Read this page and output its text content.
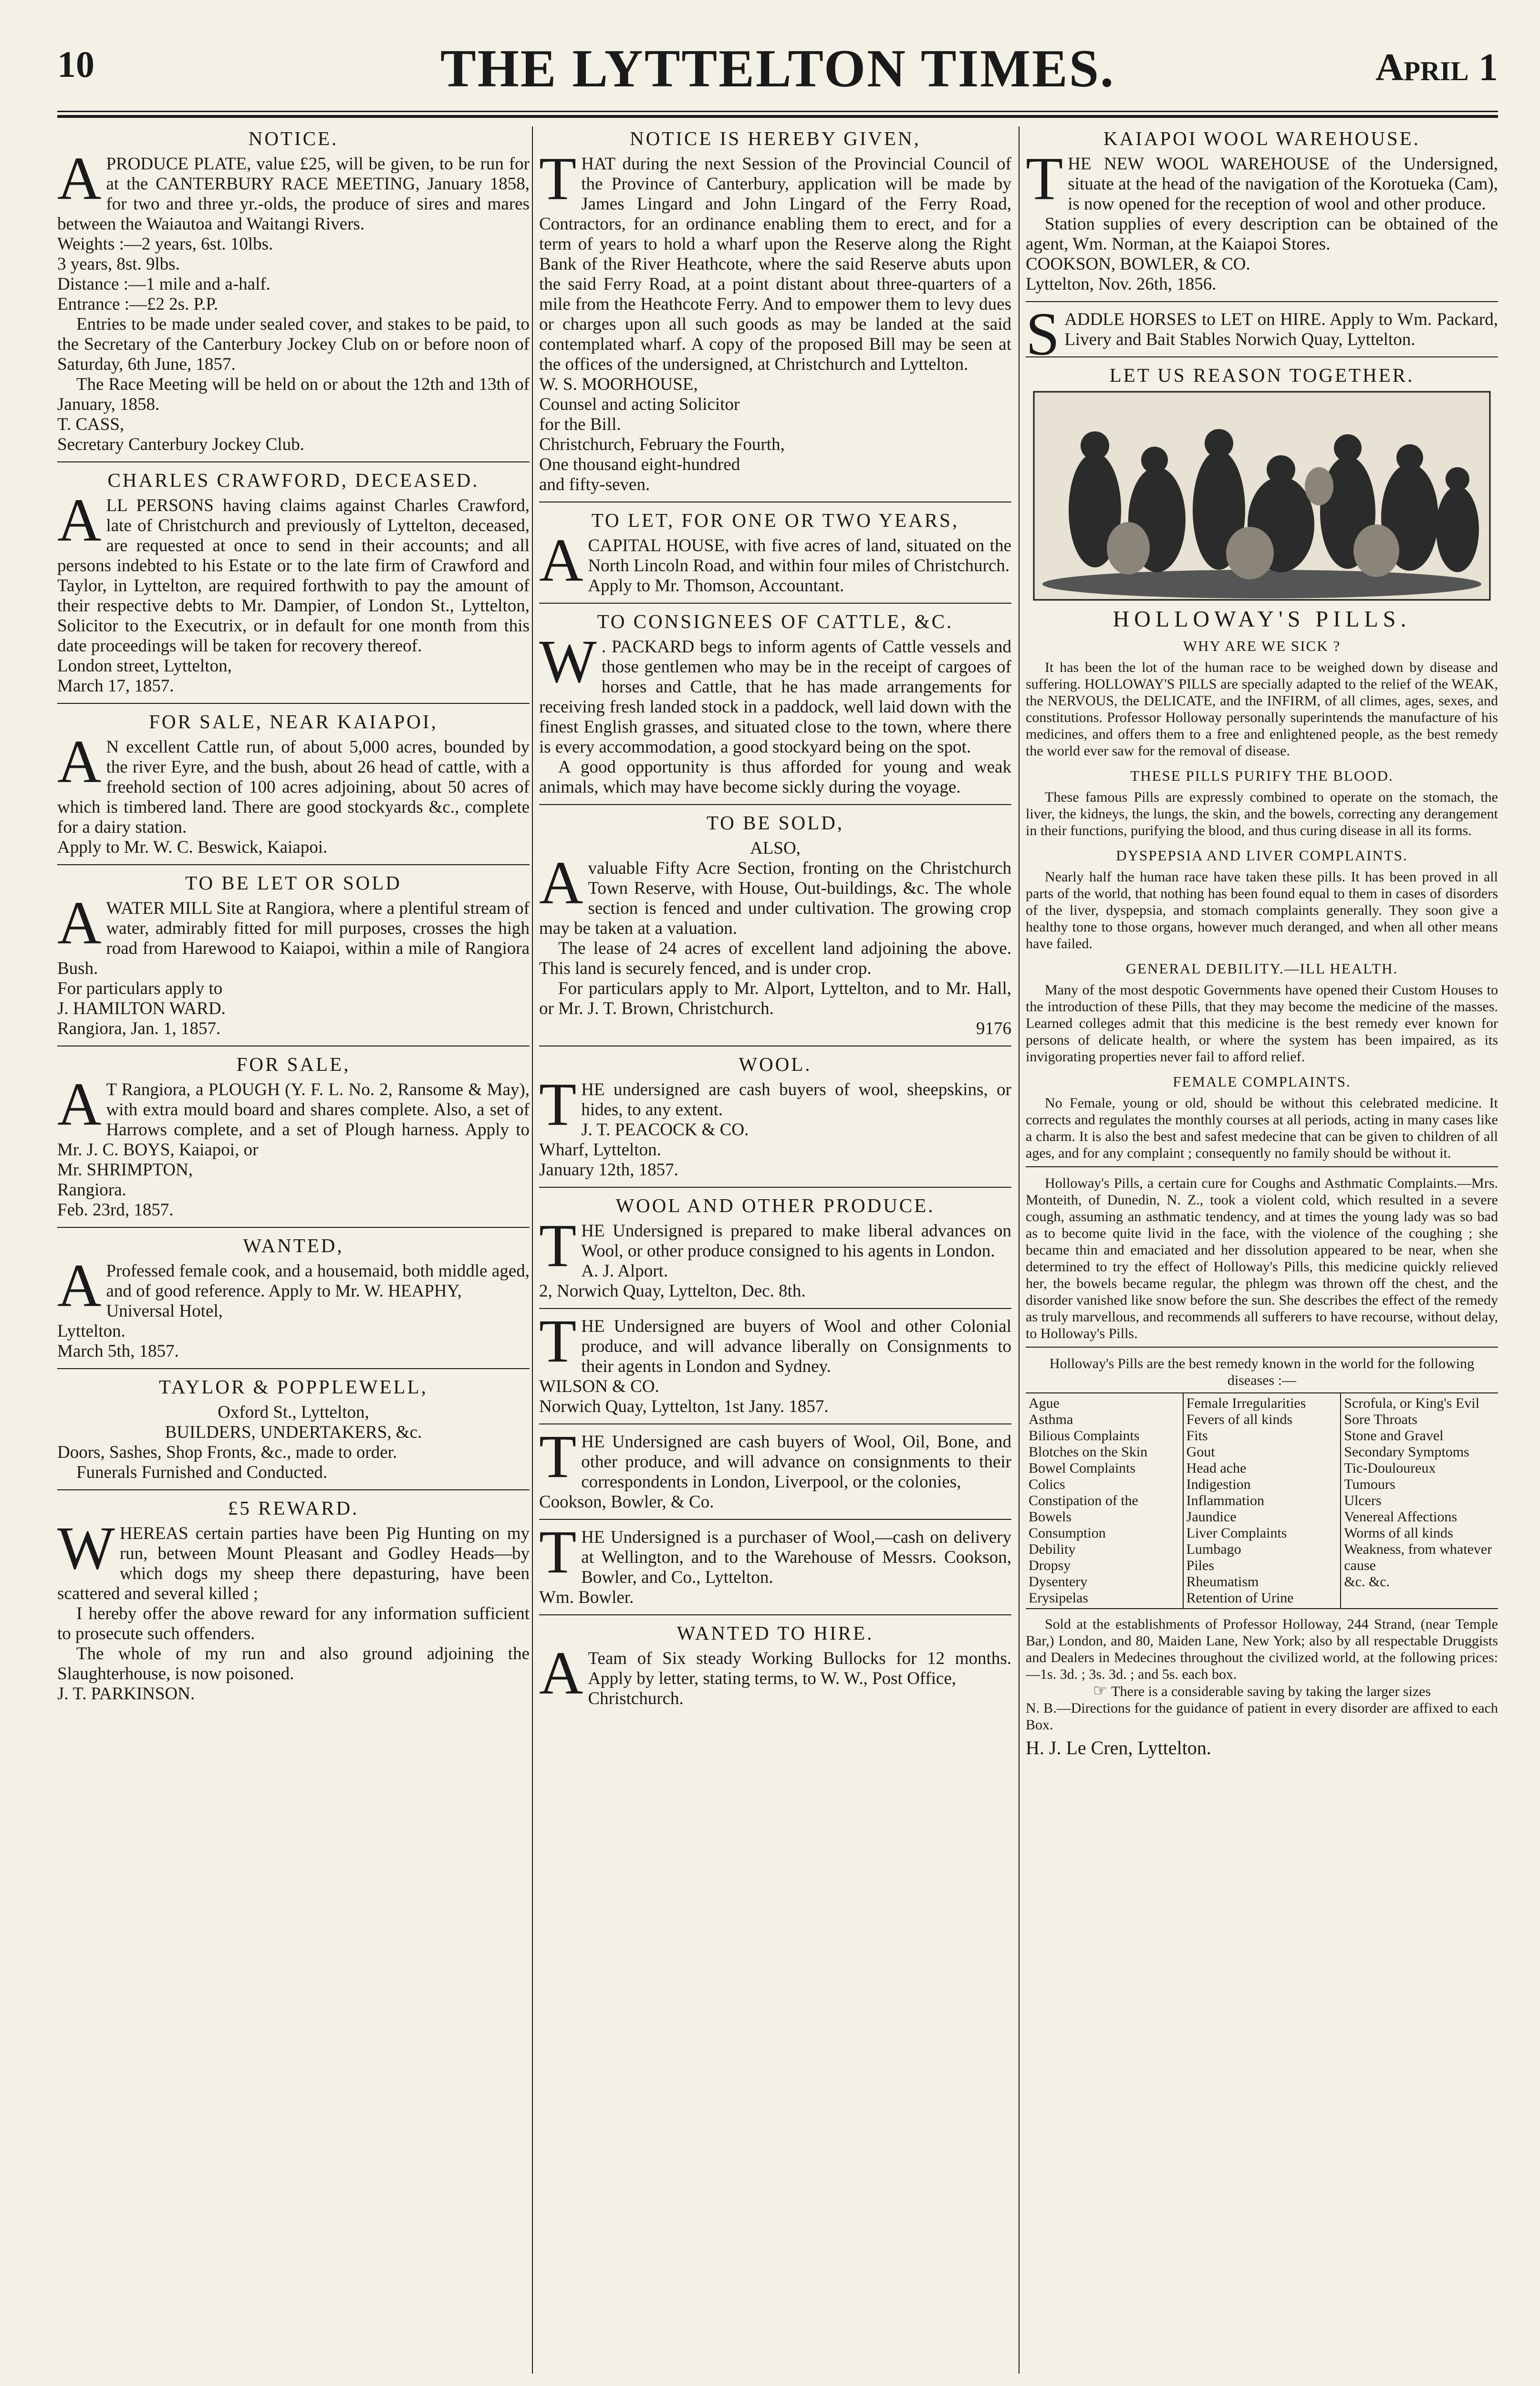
10	THE LYTTELTON TIMES.	April 1
NOTICE.

APRODUCE PLATE, value £25, will be given, to be run for at the CANTERBURY RACE MEETING, January 1858, for two and three yr.-olds, the produce of sires and mares between the Waiautoa and Waitangi Rivers.

Weights :—2 years, 6st. 10lbs.

3 years, 8st. 9lbs.

Distance :—1 mile and a-half.

Entrance :—£2 2s. P.P.

Entries to be made under sealed cover, and stakes to be paid, to the Secretary of the Canterbury Jockey Club on or before noon of Saturday, 6th June, 1857.

The Race Meeting will be held on or about the 12th and 13th of January, 1858.

T. CASS,

Secretary Canterbury Jockey Club.

CHARLES CRAWFORD, DECEASED.

ALL PERSONS having claims against Charles Crawford, late of Christchurch and previously of Lyttelton, deceased, are requested at once to send in their accounts; and all persons indebted to his Estate or to the late firm of Crawford and Taylor, in Lyttelton, are required forthwith to pay the amount of their respective debts to Mr. Dampier, of London St., Lyttelton, Solicitor to the Executrix, or in default for one month from this date proceedings will be taken for recovery thereof.

London street, Lyttelton,

March 17, 1857.

FOR SALE, NEAR KAIAPOI,

A N excellent Cattle run, of about 5,000 acres, bounded by the river Eyre, and the bush, about 26 head of cattle, with a freehold section of 100 acres adjoining, about 50 acres of which is timbered land. There are good stockyards &c., complete for a dairy station.

Apply to Mr. W. C. Beswick, Kaiapoi.

TO BE LET OR SOLD

AWATER MILL Site at Rangiora, where a plentiful stream of water, admirably fitted for mill purposes, crosses the high road from Harewood to Kaiapoi, within a mile of Rangiora Bush.

For particulars apply to

J. HAMILTON WARD.

Rangiora, Jan. 1, 1857.

FOR SALE,

A T Rangiora, a PLOUGH (Y. F. L. No. 2, Ransome & May), with extra mould board and shares complete. Also, a set of Harrows complete, and a set of Plough harness. Apply to Mr. J. C. BOYS, Kaiapoi, or

Mr. SHRIMPTON,

Rangiora.

Feb. 23rd, 1857.

WANTED,

A Professed female cook, and a housemaid, both middle aged, and of good reference. Apply to Mr. W. HEAPHY,

Universal Hotel,

Lyttelton.

March 5th, 1857.

TAYLOR & POPPLEWELL,

Oxford St., Lyttelton,

BUILDERS, UNDERTAKERS, &c.

Doors, Sashes, Shop Fronts, &c., made to order.

Funerals Furnished and Conducted.

£5 REWARD.

WHEREAS certain parties have been Pig Hunting on my run, between Mount Pleasant and Godley Heads—by which dogs my sheep there depasturing, have been scattered and several killed ;

I hereby offer the above reward for any information sufficient to prosecute such offenders.

The whole of my run and also ground adjoining the Slaughterhouse, is now poisoned.

J. T. PARKINSON.

NOTICE IS HEREBY GIVEN,

THAT during the next Session of the Provincial Council of the Province of Canterbury, application will be made by James Lingard and John Lingard of the Ferry Road, Contractors, for an ordinance enabling them to erect, and for a term of years to hold a wharf upon the Reserve along the Right Bank of the River Heathcote, where the said Reserve abuts upon the said Ferry Road, at a point distant about three-quarters of a mile from the Heathcote Ferry. And to empower them to levy dues or charges upon all such goods as may be landed at the said contemplated wharf. A copy of the proposed Bill may be seen at the offices of the undersigned, at Christchurch and Lyttelton.

W. S. MOORHOUSE,

Counsel and acting Solicitor

for the Bill.

Christchurch, February the Fourth,

One thousand eight-hundred

and fifty-seven.

TO LET, FOR ONE OR TWO YEARS,

ACAPITAL HOUSE, with five acres of land, situated on the North Lincoln Road, and within four miles of Christchurch.

Apply to Mr. Thomson, Accountant.

TO CONSIGNEES OF CATTLE, &C.

W . PACKARD begs to inform agents of Cattle vessels and those gentlemen who may be in the receipt of cargoes of horses and Cattle, that he has made arrangements for receiving fresh landed stock in a paddock, well laid down with the finest English grasses, and situated close to the town, where there is every accommodation, a good stockyard being on the spot.

A good opportunity is thus afforded for young and weak animals, which may have become sickly during the voyage.

TO BE SOLD,

ALSO,

Avaluable Fifty Acre Section, fronting on the Christchurch Town Reserve, with House, Out-buildings, &c. The whole section is fenced and under cultivation. The growing crop may be taken at a valuation.

The lease of 24 acres of excellent land adjoining the above. This land is securely fenced, and is under crop.

For particulars apply to Mr. Alport, Lyttelton, and to Mr. Hall, or Mr. J. T. Brown, Christchurch.

9176

WOOL.

THE undersigned are cash buyers of wool, sheepskins, or hides, to any extent.

J. T. PEACOCK & CO.

Wharf, Lyttelton.

January 12th, 1857.

WOOL AND OTHER PRODUCE.

THE Undersigned is prepared to make liberal advances on Wool, or other produce consigned to his agents in London.

A. J. Alport.

2, Norwich Quay, Lyttelton, Dec. 8th.

THE Undersigned are buyers of Wool and other Colonial produce, and will advance liberally on Consignments to their agents in London and Sydney.

WILSON & CO.

Norwich Quay, Lyttelton, 1st Jany. 1857.

THE Undersigned are cash buyers of Wool, Oil, Bone, and other produce, and will advance on consignments to their correspondents in London, Liverpool, or the colonies,

Cookson, Bowler, & Co.

THE Undersigned is a purchaser of Wool,—cash on delivery at Wellington, and to the Warehouse of Messrs. Cookson, Bowler, and Co., Lyttelton.

Wm. Bowler.

WANTED TO HIRE.

A Team of Six steady Working Bullocks for 12 months. Apply by letter, stating terms, to W. W., Post Office,

Christchurch.

KAIAPOI WOOL WAREHOUSE.

THE NEW WOOL WAREHOUSE of the Undersigned, situate at the head of the navigation of the Korotueka (Cam), is now opened for the reception of wool and other produce.

Station supplies of every description can be obtained of the agent, Wm. Norman, at the Kaiapoi Stores.

COOKSON, BOWLER, & CO.

Lyttelton, Nov. 26th, 1856.

SADDLE HORSES to LET on HIRE. Apply to Wm. Packard, Livery and Bait Stables Norwich Quay, Lyttelton.

LET US REASON TOGETHER.
HOLLOWAY'S PILLS.
WHY ARE WE SICK ?

It has been the lot of the human race to be weighed down by disease and suffering. HOLLOWAY'S PILLS are specially adapted to the relief of the WEAK, the NERVOUS, the DELICATE, and the INFIRM, of all climes, ages, sexes, and constitutions. Professor Holloway personally superintends the manufacture of his medicines, and offers them to a free and enlightened people, as the best remedy the world ever saw for the removal of disease.

THESE PILLS PURIFY THE BLOOD.

These famous Pills are expressly combined to operate on the stomach, the liver, the kidneys, the lungs, the skin, and the bowels, correcting any derangement in their functions, purifying the blood, and thus curing disease in all its forms.

DYSPEPSIA AND LIVER COMPLAINTS.

Nearly half the human race have taken these pills. It has been proved in all parts of the world, that nothing has been found equal to them in cases of disorders of the liver, dyspepsia, and stomach complaints generally. They soon give a healthy tone to those organs, however much deranged, and when all other means have failed.

GENERAL DEBILITY.—ILL HEALTH.

Many of the most despotic Governments have opened their Custom Houses to the introduction of these Pills, that they may become the medicine of the masses. Learned colleges admit that this medicine is the best remedy ever known for persons of delicate health, or where the system has been impaired, as its invigorating properties never fail to afford relief.

FEMALE COMPLAINTS.

No Female, young or old, should be without this celebrated medicine. It corrects and regulates the monthly courses at all periods, acting in many cases like a charm. It is also the best and safest medecine that can be given to children of all ages, and for any complaint ; consequently no family should be without it.

Holloway's Pills, a certain cure for Coughs and Asthmatic Complaints.—Mrs. Monteith, of Dunedin, N. Z., took a violent cold, which resulted in a severe cough, assuming an asthmatic tendency, and at times the young lady was so bad as to become quite livid in the face, with the violence of the coughing ; she became thin and emaciated and her dissolution appeared to be near, when she determined to try the effect of Holloway's Pills, this medicine quickly relieved her, the bowels became regular, the phlegm was thrown off the chest, and the disorder vanished like snow before the sun. She describes the effect of the remedy as truly marvellous, and recommends all sufferers to have recourse, without delay, to Holloway's Pills.

Holloway's Pills are the best remedy known in the world for the following diseases :—

Ague
Asthma
Bilious Complaints
Blotches on the Skin
Bowel Complaints
Colics
Constipation of the Bowels
Consumption
Debility
Dropsy
Dysentery
Erysipelas
Female Irregularities
Fevers of all kinds
Fits
Gout
Head ache
Indigestion
Inflammation
Jaundice
Liver Complaints
Lumbago
Piles
Rheumatism
Retention of Urine
Scrofula, or King's Evil
Sore Throats
Stone and Gravel
Secondary Symptoms
Tic-Douloureux
Tumours
Ulcers
Venereal Affections
Worms of all kinds
Weakness, from whatever cause
&c. &c.

Sold at the establishments of Professor Holloway, 244 Strand, (near Temple Bar,) London, and 80, Maiden Lane, New York; also by all respectable Druggists and Dealers in Medecines throughout the civilized world, at the following prices:—1s. 3d. ; 3s. 3d. ; and 5s. each box.

☞ There is a considerable saving by taking the larger sizes

N. B.—Directions for the guidance of patient in every disorder are affixed to each Box.

H. J. Le Cren, Lyttelton.
